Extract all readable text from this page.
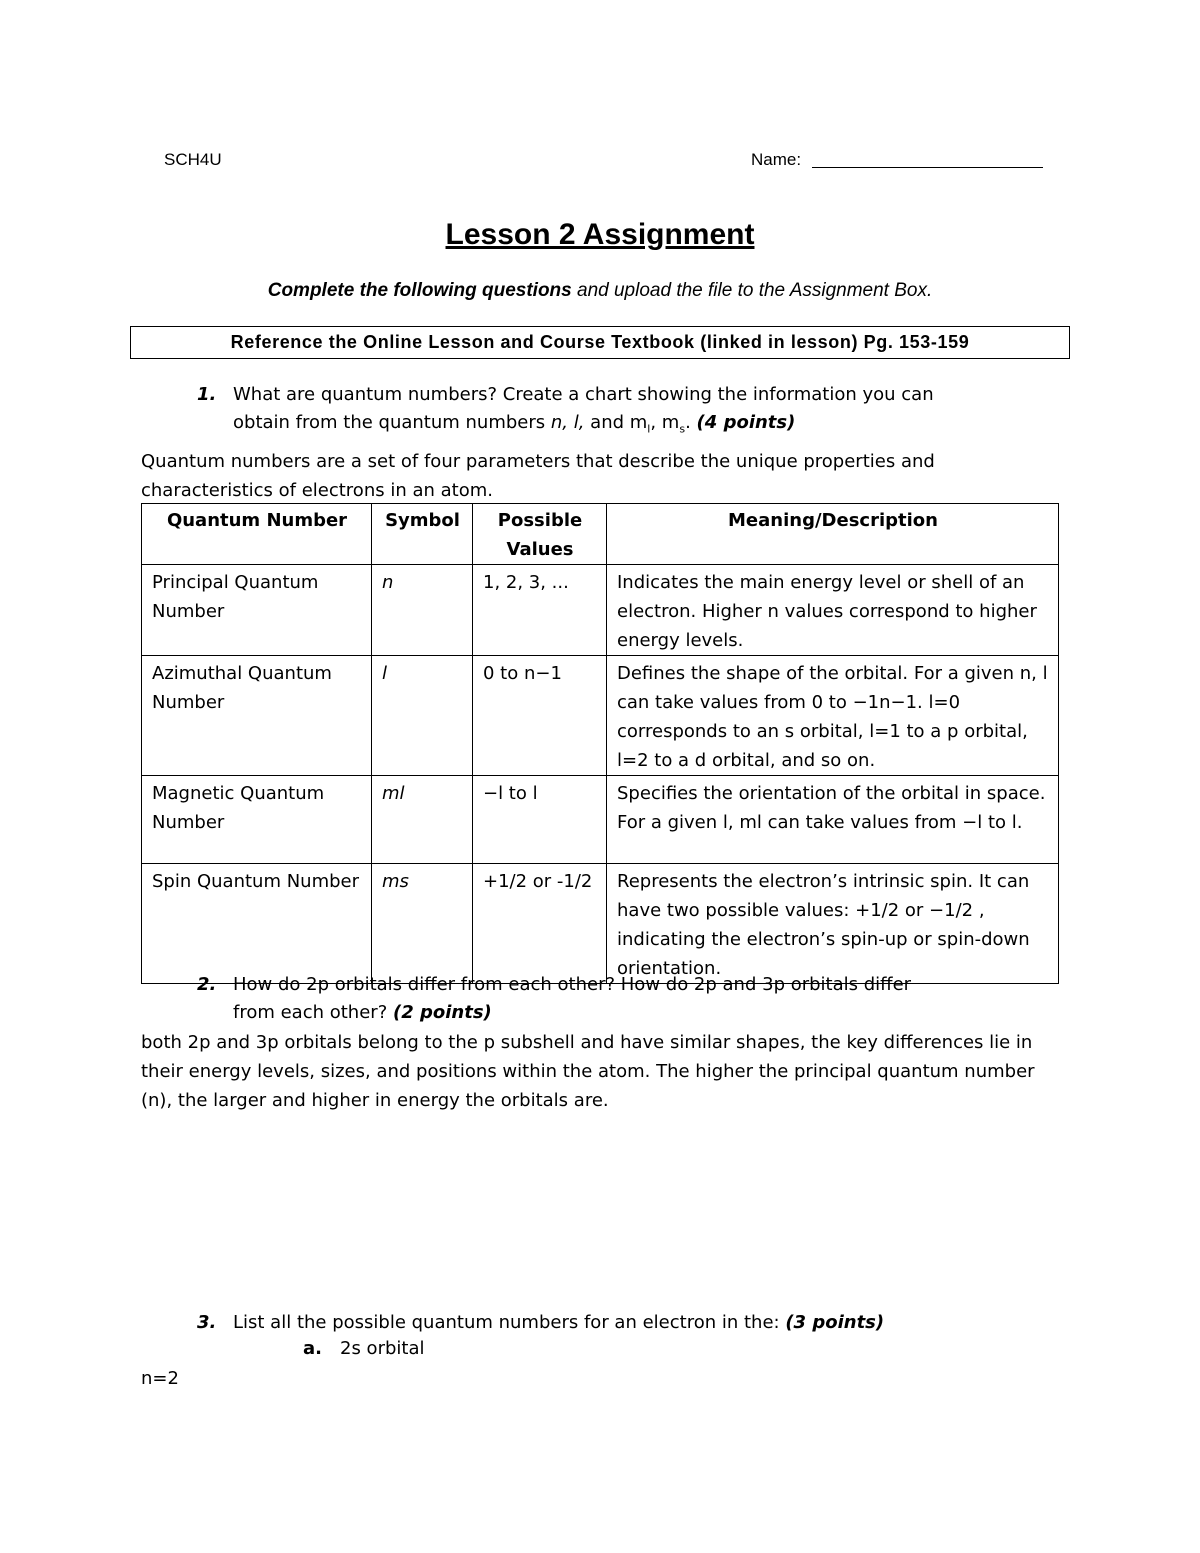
SCH4U	Name:
Lesson 2 Assignment
Complete the following questions and upload the file to the Assignment Box.
Reference the Online Lesson and Course Textbook (linked in lesson) Pg. 153-159
1. What are quantum numbers? Create a chart showing the information you can
obtain from the quantum numbers n, l, and $m_l$, $m_s$. (4 points)
Quantum numbers are a set of four parameters that describe the unique properties and characteristics of electrons in an atom.
Quantum Number	Symbol	Possible Values	Meaning/Description
Principal Quantum Number	n	1, 2, 3, ...	Indicates the main energy level or shell of an electron. Higher n values correspond to higher energy levels.
Azimuthal Quantum Number	l	0 to n−1	Defines the shape of the orbital. For a given n, l can take values from 0 to −1n−1. l=0 corresponds to an s orbital, l=1 to a p orbital, l=2 to a d orbital, and so on.
Magnetic Quantum Number	ml	−l to l	Specifies the orientation of the orbital in space. For a given l, ml can take values from −l to l.
Spin Quantum Number	ms	+1/2 or -1/2	Represents the electron’s intrinsic spin. It can have two possible values: +1/2 or −1/2 , indicating the electron’s spin-up or spin-down orientation.
2. How do 2p orbitals differ from each other? How do 2p and 3p orbitals differ
from each other? (2 points)
both 2p and 3p orbitals belong to the p subshell and have similar shapes, the key differences lie in their energy levels, sizes, and positions within the atom. The higher the principal quantum number (n), the larger and higher in energy the orbitals are.
3. List all the possible quantum numbers for an electron in the: (3 points)
a. 2s orbital
n=2
